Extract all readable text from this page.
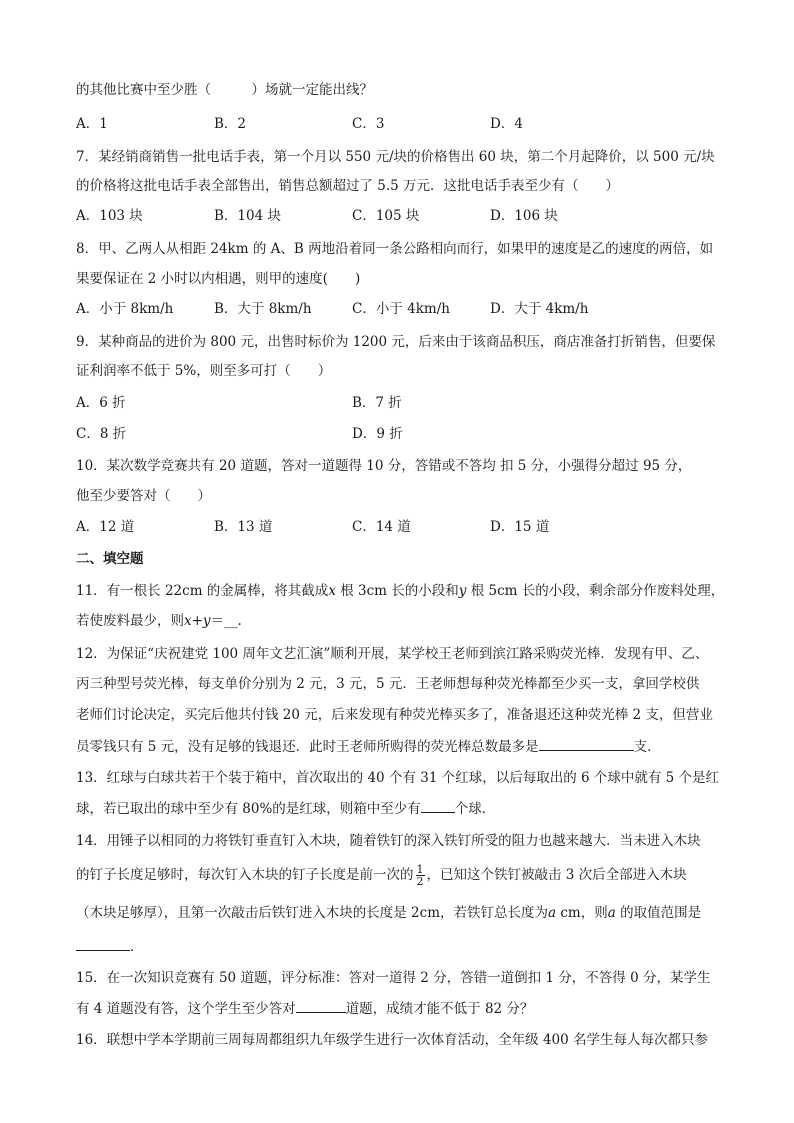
的其他比赛中至少胜（　　　）场就一定能出线？
A．1	B．2	C．3	D．4
7．某经销商销售一批电话手表，第一个月以 550 元/块的价格售出 60 块，第二个月起降价，以 500 元/块
的价格将这批电话手表全部售出，销售总额超过了 5.5 万元．这批电话手表至少有（　　）
A．103 块	B．104 块	C．105 块	D．106 块
8．甲、乙两人从相距 24km 的 A、B 两地沿着同一条公路相向而行，如果甲的速度是乙的速度的两倍，如
果要保证在 2 小时以内相遇，则甲的速度(　　)
A．小于 8km/h	B．大于 8km/h	C．小于 4km/h	D．大于 4km/h
9．某种商品的进价为 800 元，出售时标价为 1200 元，后来由于该商品积压，商店准备打折销售，但要保
证利润率不低于 5%，则至多可打（　　）
A．6 折	B．7 折
C．8 折	D．9 折
10．某次数学竞赛共有 20 道题，答对一道题得 10 分，答错或不答均 扣 5 分，小强得分超过 95 分，
他至少要答对（　　）
A．12 道	B．13 道	C．14 道	D．15 道
二、填空题
11．有一根长 22cm 的金属棒，将其截成x 根 3cm 长的小段和y 根 5cm 长的小段，剩余部分作废料处理，
若使废料最少，则x+y＝__.
12．为保证“庆祝建党 100 周年文艺汇演”顺利开展，某学校王老师到滨江路采购荧光棒．发现有甲、乙、
丙三种型号荧光棒，每支单价分别为 2 元，3 元，5 元．王老师想每种荧光棒都至少买一支，拿回学校供
老师们讨论决定，买完后他共付钱 20 元，后来发现有种荧光棒买多了，准备退还这种荧光棒 2 支，但营业
员零钱只有 5 元，没有足够的钱退还．此时王老师所购得的荧光棒总数最多是	支．
13．红球与白球共若干个装于箱中，首次取出的 40 个有 31 个红球，以后每取出的 6 个球中就有 5 个是红
球，若已取出的球中至少有 80%的是红球，则箱中至少有	个球．
14．用锤子以相同的力将铁钉垂直钉入木块，随着铁钉的深入铁钉所受的阻力也越来越大．当未进入木块
的钉子长度足够时，每次钉入木块的钉子长度是前一次的 $\frac{1}{2}$ ，已知这个铁钉被敲击 3 次后全部进入木块
（木块足够厚），且第一次敲击后铁钉进入木块的长度是 2cm，若铁钉总长度为a cm，则a 的取值范围是
．
15．在一次知识竞赛有 50 道题，评分标准：答对一道得 2 分，答错一道倒扣 1 分，不答得 0 分，某学生
有 4 道题没有答，这个学生至少答对	道题，成绩才能不低于 82 分？
16．联想中学本学期前三周每周都组织九年级学生进行一次体育活动，全年级 400 名学生每人每次都只参
